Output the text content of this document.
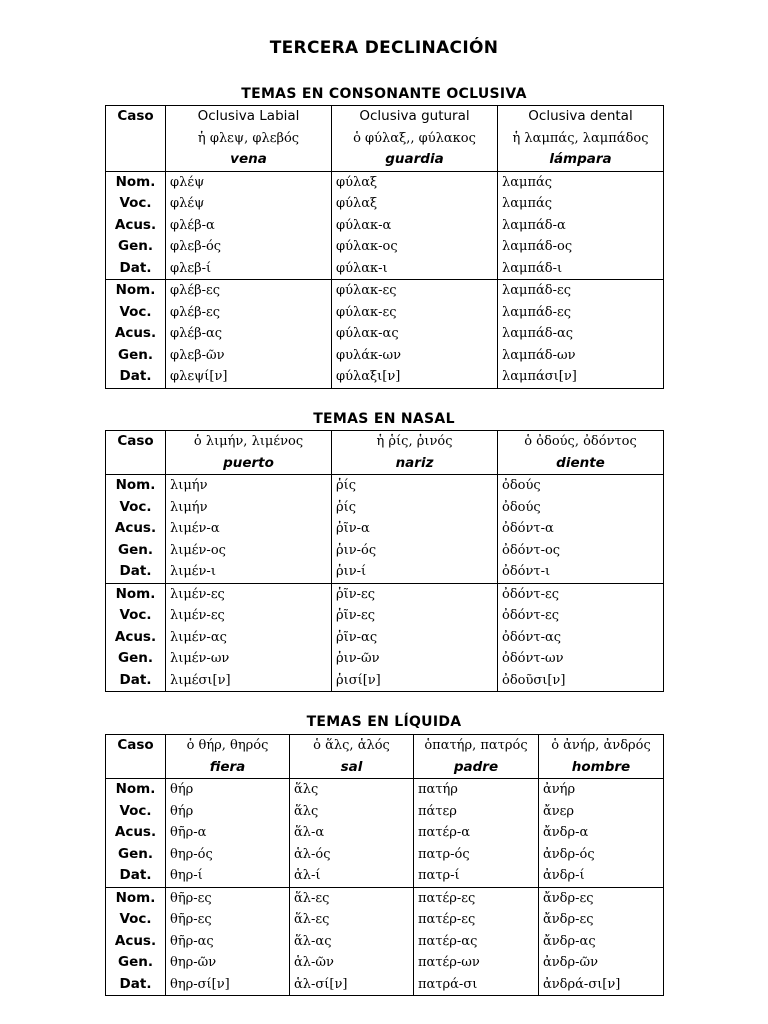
TERCERA DECLINACIÓN
TEMAS EN CONSONANTE OCLUSIVA
Caso	Oclusiva Labial	Oclusiva gutural	Oclusiva dental
	ἡ φλεψ, φλεβός	ὁ φύλαξ,, φύλακος	ἡ λαμπάς, λαμπάδος
	vena	guardia	lámpara
Nom.	φλέψ	φύλαξ	λαμπάς
Voc.	φλέψ	φύλαξ	λαμπάς
Acus.	φλέβ-α	φύλακ-α	λαμπάδ-α
Gen.	φλεβ-ός	φύλακ-ος	λαμπάδ-ος
Dat.	φλεβ-ί	φύλακ-ι	λαμπάδ-ι
Nom.	φλέβ-ες	φύλακ-ες	λαμπάδ-ες
Voc.	φλέβ-ες	φύλακ-ες	λαμπάδ-ες
Acus.	φλέβ-ας	φύλακ-ας	λαμπάδ-ας
Gen.	φλεβ-ῶν	φυλάκ-ων	λαμπάδ-ων
Dat.	φλεψί[ν]	φύλαξι[ν]	λαμπάσι[ν]
TEMAS EN NASAL
Caso	ὁ λιμήν, λιμένος	ἡ ῥίς, ῥινός	ὁ ὀδούς, ὀδόντος
	puerto	nariz	diente
Nom.	λιμήν	ῥίς	ὀδούς
Voc.	λιμήν	ῥίς	ὀδούς
Acus.	λιμέν-α	ῥῖν-α	ὀδόντ-α
Gen.	λιμέν-ος	ῥιν-ός	ὀδόντ-ος
Dat.	λιμέν-ι	ῥιν-ί	ὀδόντ-ι
Nom.	λιμέν-ες	ῥῖν-ες	ὀδόντ-ες
Voc.	λιμέν-ες	ῥῖν-ες	ὀδόντ-ες
Acus.	λιμέν-ας	ῥῖν-ας	ὀδόντ-ας
Gen.	λιμέν-ων	ῥιν-ῶν	ὀδόντ-ων
Dat.	λιμέσι[ν]	ῥισί[ν]	ὀδοῦσι[ν]
TEMAS EN LÍQUIDA
Caso	ὁ θήρ, θηρός	ὁ ἅλς, ἁλός	ὁπατήρ, πατρός	ὁ ἀνήρ, ἀνδρός
	fiera	sal	padre	hombre
Nom.	θήρ	ἅλς	πατήρ	ἀνήρ
Voc.	θήρ	ἅλς	πάτερ	ἄνερ
Acus.	θῆρ-α	ἅλ-α	πατέρ-α	ἄνδρ-α
Gen.	θηρ-ός	ἁλ-ός	πατρ-ός	ἀνδρ-ός
Dat.	θηρ-ί	ἁλ-ί	πατρ-ί	ἀνδρ-ί
Nom.	θῆρ-ες	ἅλ-ες	πατέρ-ες	ἄνδρ-ες
Voc.	θῆρ-ες	ἅλ-ες	πατέρ-ες	ἄνδρ-ες
Acus.	θῆρ-ας	ἅλ-ας	πατέρ-ας	ἄνδρ-ας
Gen.	θηρ-ῶν	ἁλ-ῶν	πατέρ-ων	ἀνδρ-ῶν
Dat.	θηρ-σί[ν]	ἁλ-σί[ν]	πατρά-σι	ἀνδρά-σι[ν]
